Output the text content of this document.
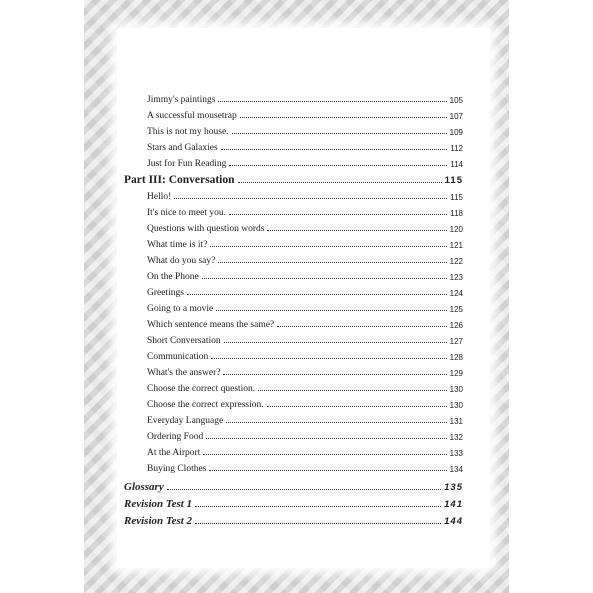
Jimmy's paintings	105
A successful mousetrap	107
This is not my house.	109
Stars and Galaxies	112
Just for Fun Reading	114
Part III: Conversation	115
Hello!	115
It's nice to meet you.	118
Questions with question words	120
What time is it?	121
What do you say?	122
On the Phone	123
Greetings	124
Going to a movie	125
Which sentence means the same?	126
Short Conversation	127
Communication	128
What's the answer?	129
Choose the correct question.	130
Choose the correct expression.	130
Everyday Language	131
Ordering Food	132
At the Airport	133
Buying Clothes	134
Glossary	135
Revision Test 1	141
Revision Test 2	144
